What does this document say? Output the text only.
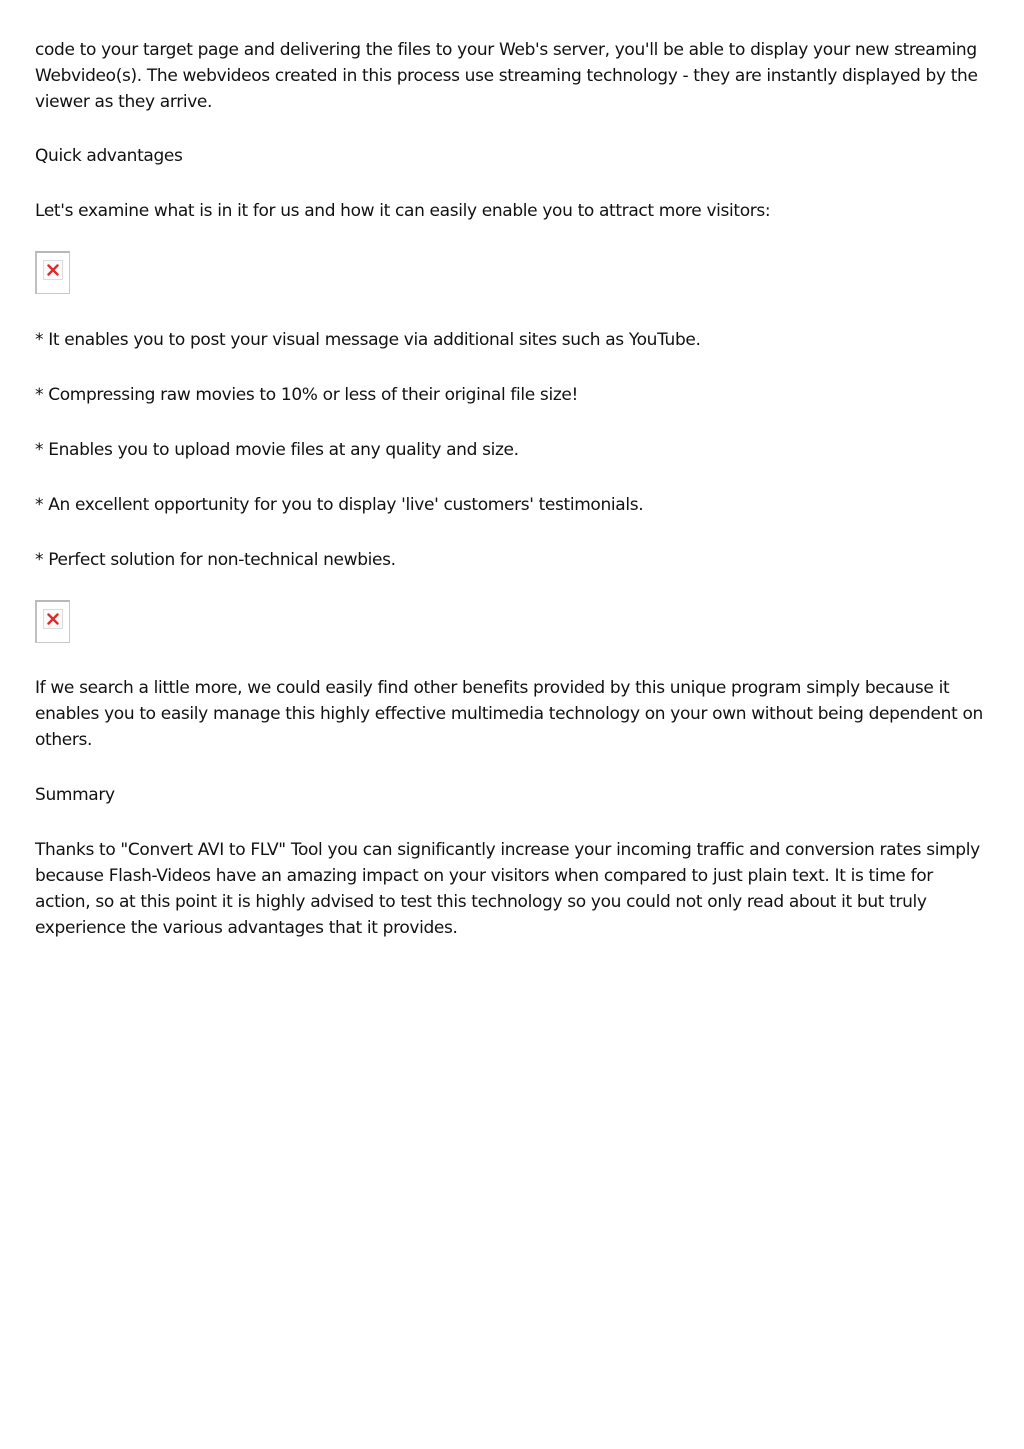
code to your target page and delivering the files to your Web's server, you'll be able to display your new streaming Webvideo(s). The webvideos created in this process use streaming technology - they are instantly displayed by the viewer as they arrive.

Quick advantages

Let's examine what is in it for us and how it can easily enable you to attract more visitors:

* It enables you to post your visual message via additional sites such as YouTube.

* Compressing raw movies to 10% or less of their original file size!

* Enables you to upload movie files at any quality and size.

* An excellent opportunity for you to display 'live' customers' testimonials.

* Perfect solution for non-technical newbies.

If we search a little more, we could easily find other benefits provided by this unique program simply because it enables you to easily manage this highly effective multimedia technology on your own without being dependent on others.

Summary

Thanks to "Convert AVI to FLV" Tool you can significantly increase your incoming traffic and conversion rates simply because Flash-Videos have an amazing impact on your visitors when compared to just plain text. It is time for action, so at this point it is highly advised to test this technology so you could not only read about it but truly experience the various advantages that it provides.
